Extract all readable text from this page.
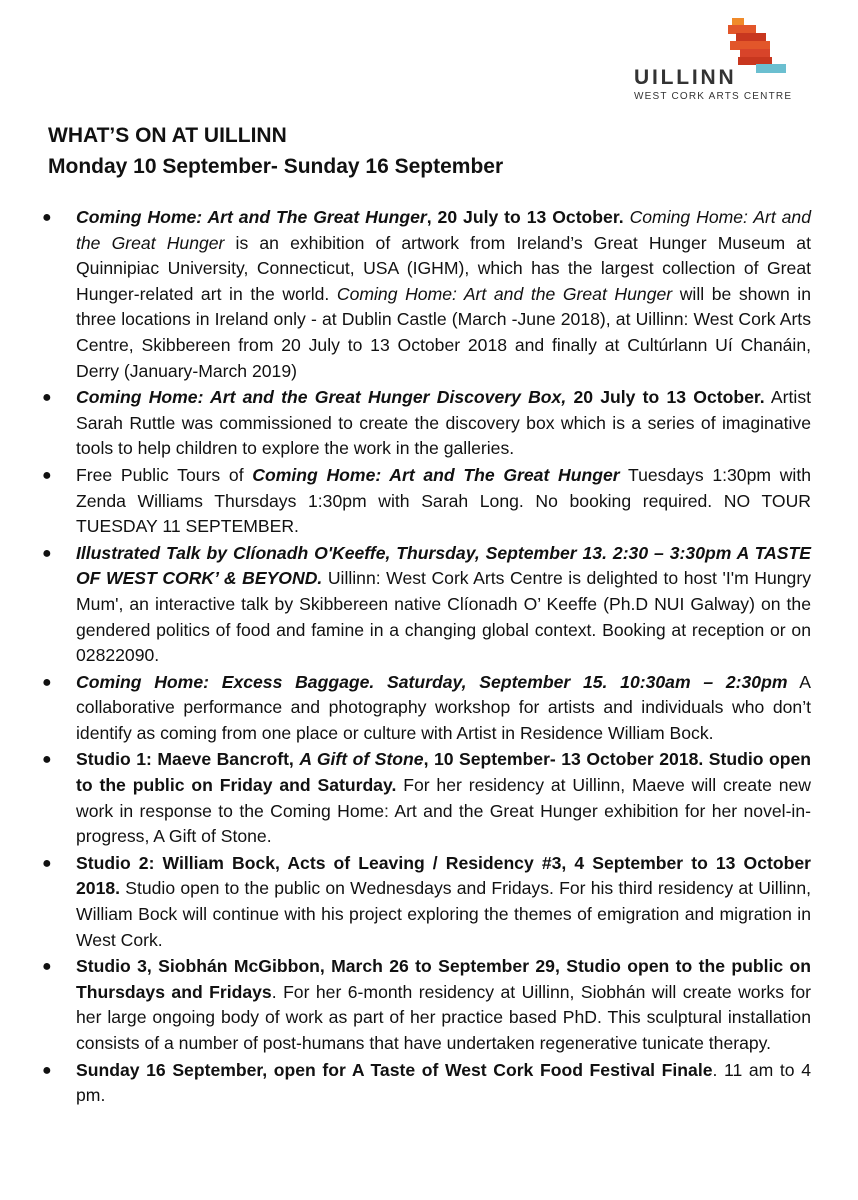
UILLINN
WEST CORK ARTS CENTRE
WHAT’S ON AT UILLINN
Monday 10 September- Sunday 16 September
● Coming Home: Art and The Great Hunger, 20 July to 13 October. Coming Home: Art and the Great Hunger is an exhibition of artwork from Ireland’s Great Hunger Museum at Quinnipiac University, Connecticut, USA (IGHM), which has the largest collection of Great Hunger-related art in the world. Coming Home: Art and the Great Hunger will be shown in three locations in Ireland only - at Dublin Castle (March -June 2018), at Uillinn: West Cork Arts Centre, Skibbereen from 20 July to 13 October 2018 and finally at Cultúrlann Uí Chanáin, Derry (January-March 2019)
● Coming Home: Art and the Great Hunger Discovery Box, 20 July to 13 October. Artist Sarah Ruttle was commissioned to create the discovery box which is a series of imaginative tools to help children to explore the work in the galleries.
● Free Public Tours of Coming Home: Art and The Great Hunger Tuesdays 1:30pm with Zenda Williams Thursdays 1:30pm with Sarah Long. No booking required. NO TOUR TUESDAY 11 SEPTEMBER.
● Illustrated Talk by Clíonadh O'Keeffe, Thursday, September 13. 2:30 – 3:30pm A TASTE OF WEST CORK’ & BEYOND. Uillinn: West Cork Arts Centre is delighted to host 'I'm Hungry Mum', an interactive talk by Skibbereen native Clíonadh O’ Keeffe (Ph.D NUI Galway) on the gendered politics of food and famine in a changing global context. Booking at reception or on 02822090.
● Coming Home: Excess Baggage. Saturday, September 15. 10:30am – 2:30pm A collaborative performance and photography workshop for artists and individuals who don’t identify as coming from one place or culture with Artist in Residence William Bock.
● Studio 1: Maeve Bancroft, A Gift of Stone, 10 September- 13 October 2018. Studio open to the public on Friday and Saturday. For her residency at Uillinn, Maeve will create new work in response to the Coming Home: Art and the Great Hunger exhibition for her novel-in-progress, A Gift of Stone.
● Studio 2: William Bock, Acts of Leaving / Residency #3, 4 September to 13 October 2018. Studio open to the public on Wednesdays and Fridays. For his third residency at Uillinn, William Bock will continue with his project exploring the themes of emigration and migration in West Cork.
● Studio 3, Siobhán McGibbon, March 26 to September 29, Studio open to the public on Thursdays and Fridays. For her 6-month residency at Uillinn, Siobhán will create works for her large ongoing body of work as part of her practice based PhD. This sculptural installation consists of a number of post-humans that have undertaken regenerative tunicate therapy.
● Sunday 16 September, open for A Taste of West Cork Food Festival Finale. 11 am to 4 pm.
